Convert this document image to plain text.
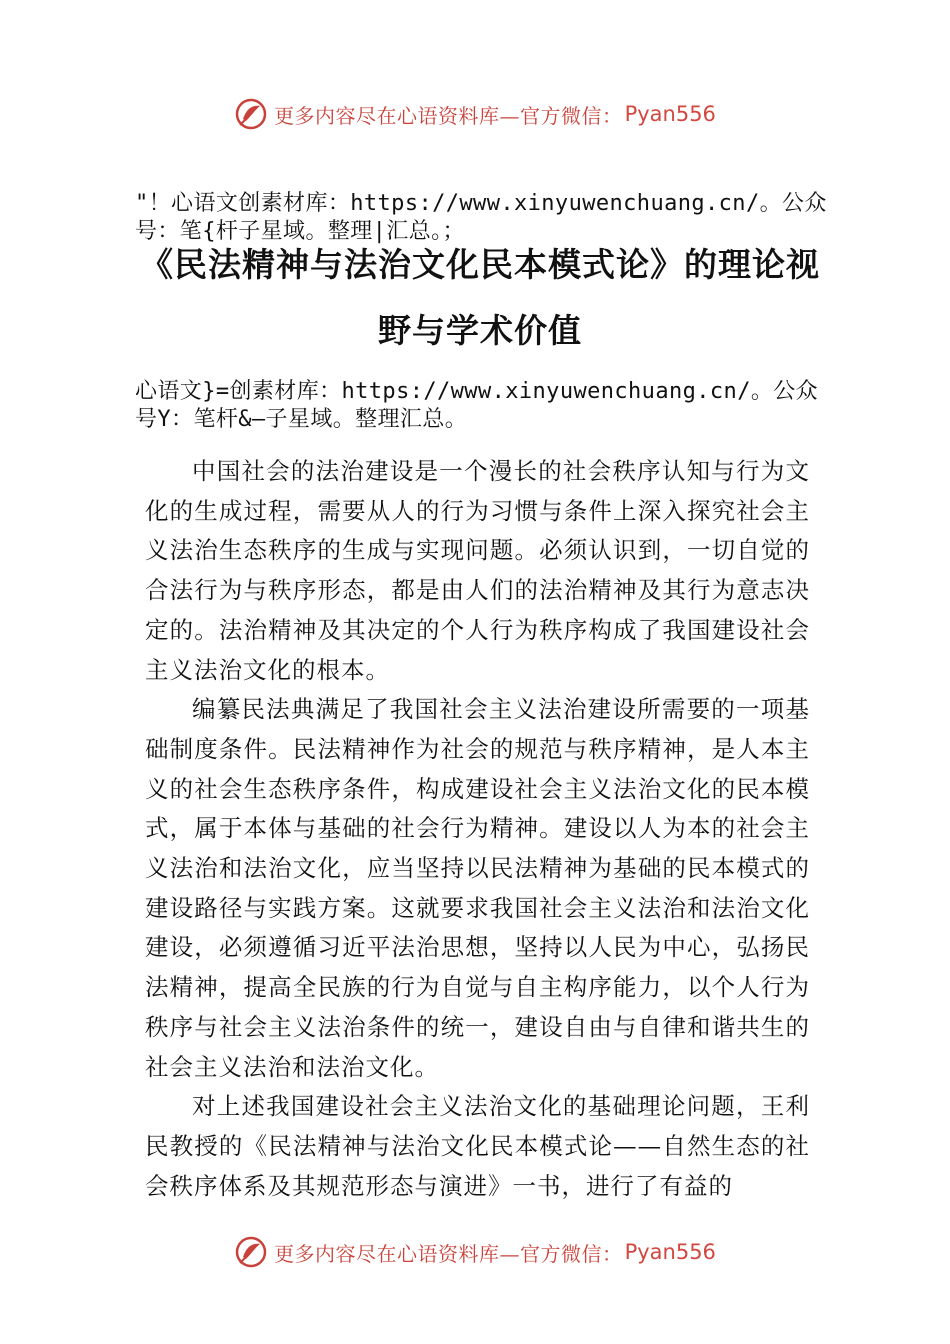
更多内容尽在心语资料库—官方微信： Pyan556
"！心语文创素材库：https://www.xinyuwenchuang.cn/。公众
号：笔{杆子星域。整理|汇总。；
《民法精神与法治文化民本模式论》的理论视野与学术价值
心语文}=创素材库：https://www.xinyuwenchuang.cn/。公众
号Y：笔杆&—子星域。整理汇总。

中国社会的法治建设是一个漫长的社会秩序认知与行为文化的生成过程，需要从人的行为习惯与条件上深入探究社会主义法治生态秩序的生成与实现问题。必须认识到，一切自觉的合法行为与秩序形态，都是由人们的法治精神及其行为意志决定的。法治精神及其决定的个人行为秩序构成了我国建设社会主义法治文化的根本。

编纂民法典满足了我国社会主义法治建设所需要的一项基础制度条件。民法精神作为社会的规范与秩序精神，是人本主义的社会生态秩序条件，构成建设社会主义法治文化的民本模式，属于本体与基础的社会行为精神。建设以人为本的社会主义法治和法治文化，应当坚持以民法精神为基础的民本模式的建设路径与实践方案。这就要求我国社会主义法治和法治文化建设，必须遵循习近平法治思想，坚持以人民为中心，弘扬民法精神，提高全民族的行为自觉与自主构序能力，以个人行为秩序与社会主义法治条件的统一，建设自由与自律和谐共生的社会主义法治和法治文化。

对上述我国建设社会主义法治文化的基础理论问题，王利民教授的《民法精神与法治文化民本模式论——自然生态的社会秩序体系及其规范形态与演进》一书，进行了有益的

更多内容尽在心语资料库—官方微信： Pyan556
